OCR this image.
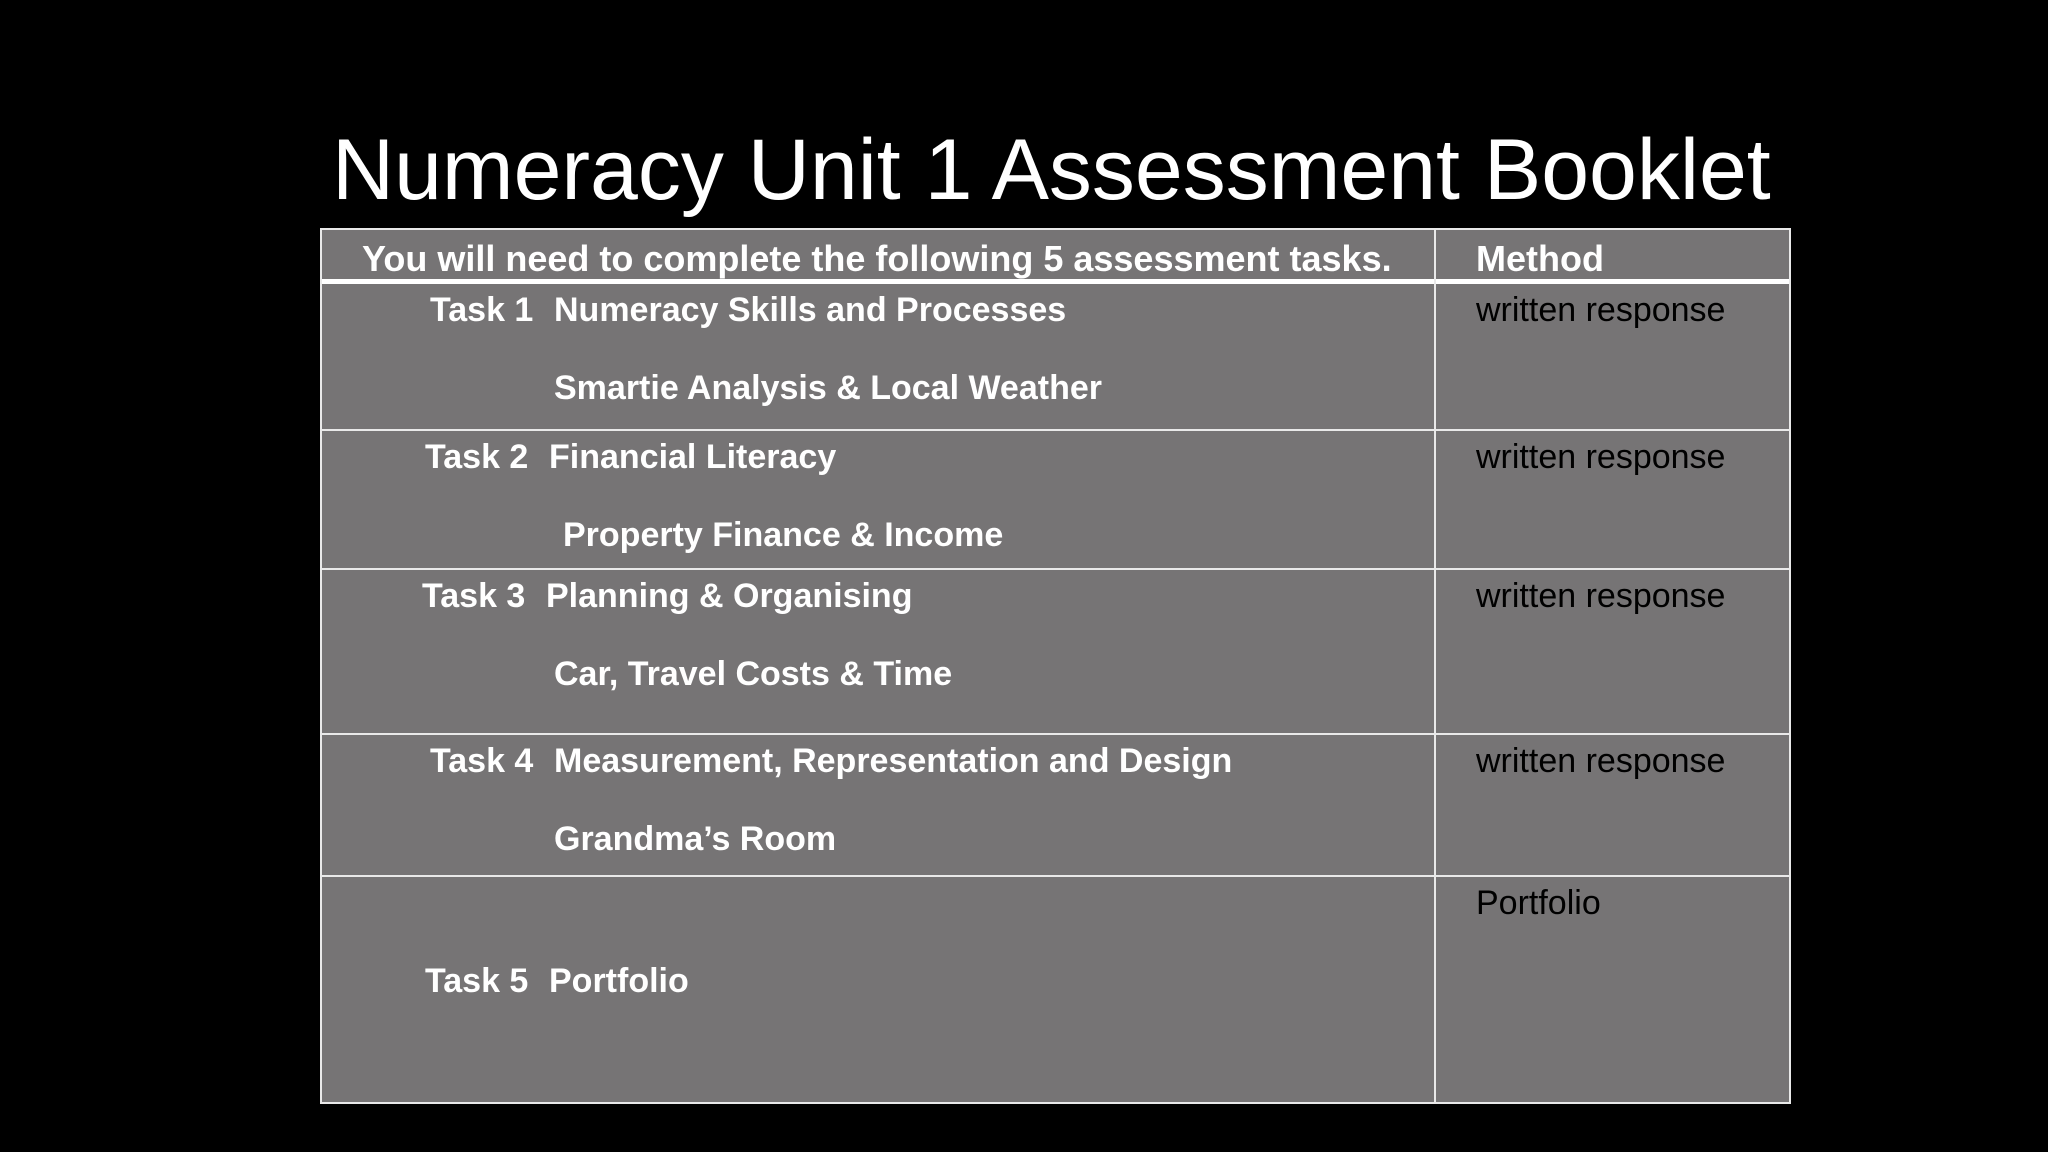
Numeracy Unit 1 Assessment Booklet
You will need to complete the following 5 assessment tasks. Method
Task 1 Numeracy Skills and Processes
Smartie Analysis & Local Weather
written response
Task 2 Financial Literacy
Property Finance & Income
written response
Task 3 Planning & Organising
Car, Travel Costs & Time
written response
Task 4 Measurement, Representation and Design
Grandma’s Room
written response
Task 5 Portfolio
Portfolio
